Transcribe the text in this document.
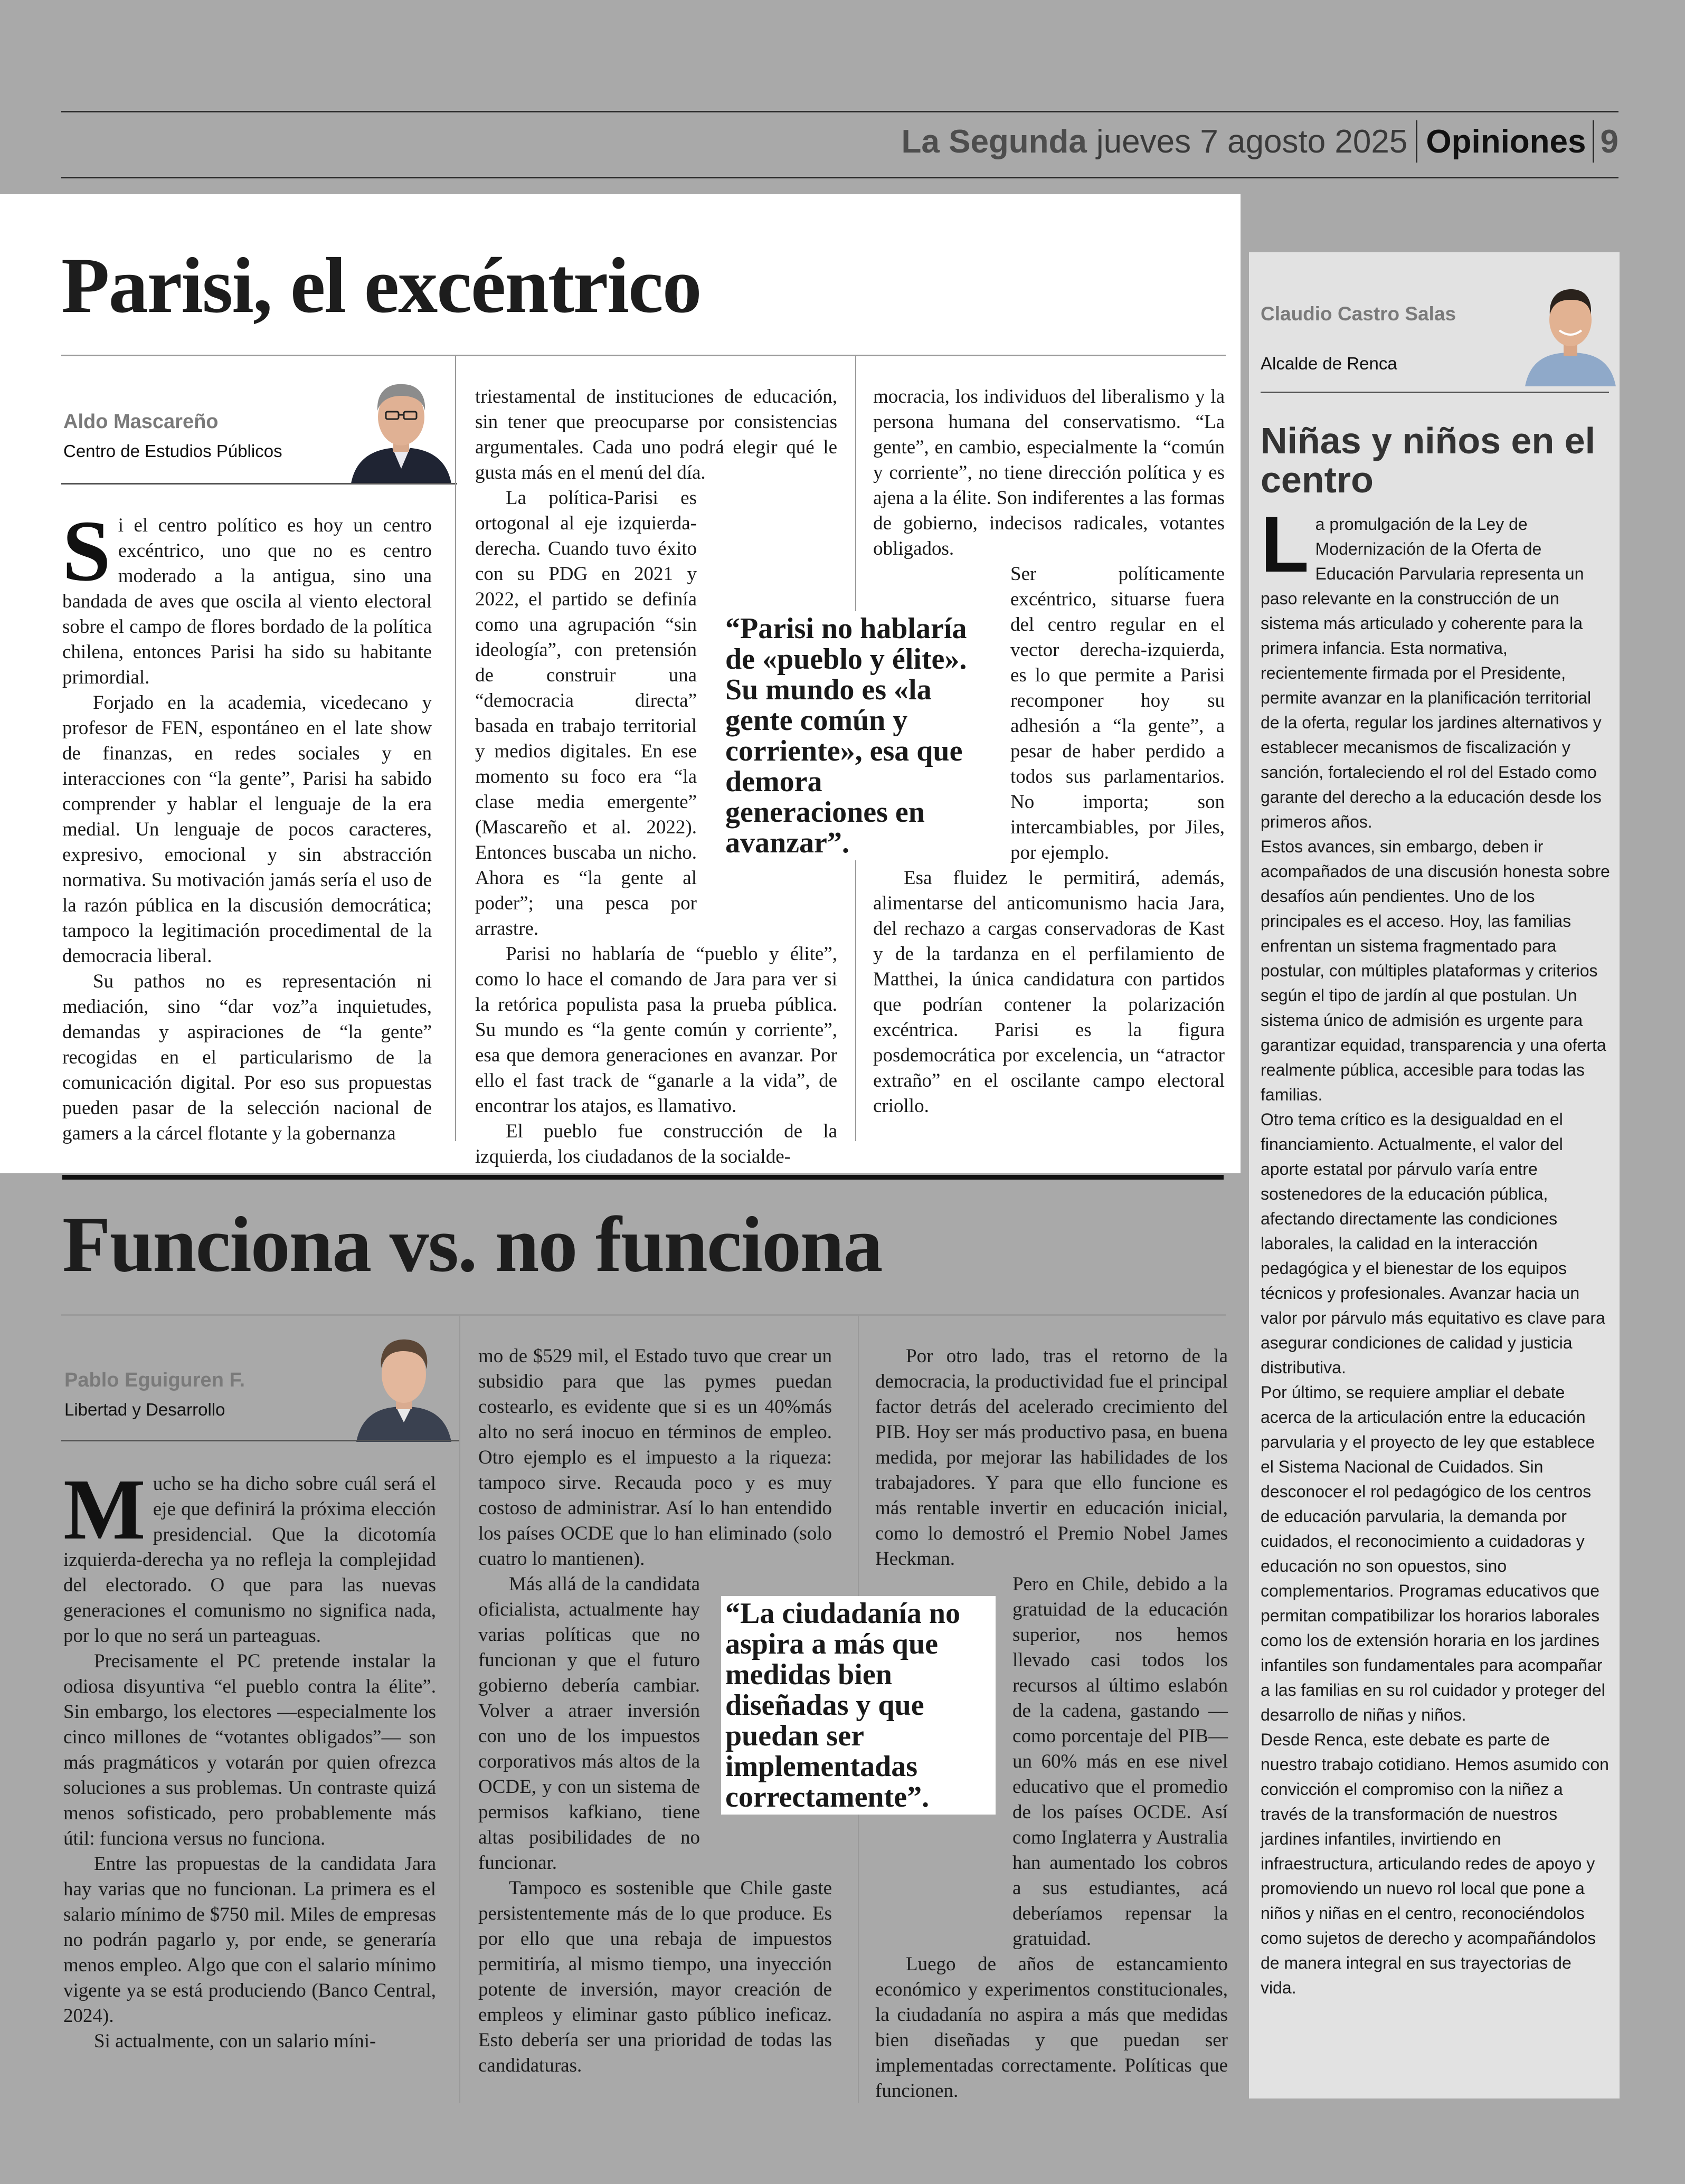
La Segunda jueves 7 agosto 2025 Opiniones 9
Parisi, el excéntrico
Aldo Mascareño
Centro de Estudios Públicos

Si el centro político es hoy un centro excéntrico, uno que no es centro moderado a la antigua, sino una bandada de aves que oscila al viento electoral sobre el campo de flores bordado de la política chilena, entonces Parisi ha sido su habitante primordial.

Forjado en la academia, vicedecano y profesor de FEN, espontáneo en el late show de finanzas, en redes sociales y en interacciones con “la gente”, Parisi ha sabido comprender y hablar el lenguaje de la era medial. Un lenguaje de pocos caracteres, expresivo, emocional y sin abstracción normativa. Su motivación jamás sería el uso de la razón pública en la discusión democrática; tampoco la legitimación procedimental de la democracia liberal.

Su pathos no es representación ni mediación, sino “dar voz”a inquietudes, demandas y aspiraciones de “la gente” recogidas en el particularismo de la comunicación digital. Por eso sus propuestas pueden pasar de la selección nacional de gamers a la cárcel flotante y la gobernanza

triestamental de instituciones de educación, sin tener que preocuparse por consistencias argumentales. Cada uno podrá elegir qué le gusta más en el menú del día.

La política-Parisi es ortogonal al eje izquierda-derecha. Cuando tuvo éxito con su PDG en 2021 y 2022, el partido se definía como una agrupación “sin ideología”, con pretensión de construir una “democracia directa” basada en trabajo territorial y medios digitales. En ese momento su foco era “la clase media emergente” (Mascareño et al. 2022). Entonces buscaba un nicho. Ahora es “la gente al poder”; una pesca por arrastre.

Parisi no hablaría de “pueblo y élite”, como lo hace el comando de Jara para ver si la retórica populista pasa la prueba pública. Su mundo es “la gente común y corriente”, esa que demora generaciones en avanzar. Por ello el fast track de “ganarle a la vida”, de encontrar los atajos, es llamativo.

El pueblo fue construcción de la izquierda, los ciudadanos de la socialde-

mocracia, los individuos del liberalismo y la persona humana del conservatismo. “La gente”, en cambio, especialmente la “común y corriente”, no tiene dirección política y es ajena a la élite. Son indiferentes a las formas de gobierno, indecisos radicales, votantes obligados.

Ser políticamente excéntrico, situarse fuera del centro regular en el vector derecha-izquierda, es lo que permite a Parisi recomponer hoy su adhesión a “la gente”, a pesar de haber perdido a todos sus parlamentarios. No importa; son intercambiables, por Jiles, por ejemplo.

Esa fluidez le permitirá, además, alimentarse del anticomunismo hacia Jara, del rechazo a cargas conservadoras de Kast y de la tardanza en el perfilamiento de Matthei, la única candidatura con partidos que podrían contener la polarización excéntrica. Parisi es la figura posdemocrática por excelencia, un “atractor extraño” en el oscilante campo electoral criollo.

“Parisi no hablaría de «pueblo y élite». Su mundo es «la gente común y corriente», esa que demora generaciones en avanzar”.
Funciona vs. no funciona
Pablo Eguiguren F.
Libertad y Desarrollo

Mucho se ha dicho sobre cuál será el eje que definirá la próxima elección presidencial. Que la dicotomía izquierda-derecha ya no refleja la complejidad del electorado. O que para las nuevas generaciones el comunismo no significa nada, por lo que no será un parteaguas.

Precisamente el PC pretende instalar la odiosa disyuntiva “el pueblo contra la élite”. Sin embargo, los electores —especialmente los cinco millones de “votantes obligados”— son más pragmáticos y votarán por quien ofrezca soluciones a sus problemas. Un contraste quizá menos sofisticado, pero probablemente más útil: funciona versus no funciona.

Entre las propuestas de la candidata Jara hay varias que no funcionan. La primera es el salario mínimo de $750 mil. Miles de empresas no podrán pagarlo y, por ende, se generaría menos empleo. Algo que con el salario mínimo vigente ya se está produciendo (Banco Central, 2024).

Si actualmente, con un salario míni-

mo de $529 mil, el Estado tuvo que crear un subsidio para que las pymes puedan costearlo, es evidente que si es un 40%más alto no será inocuo en términos de empleo. Otro ejemplo es el impuesto a la riqueza: tampoco sirve. Recauda poco y es muy costoso de administrar. Así lo han entendido los países OCDE que lo han eliminado (solo cuatro lo mantienen).

Más allá de la candidata oficialista, actualmente hay varias políticas que no funcionan y que el futuro gobierno debería cambiar. Volver a atraer inversión con uno de los impuestos corporativos más altos de la OCDE, y con un sistema de permisos kafkiano, tiene altas posibilidades de no funcionar.

Tampoco es sostenible que Chile gaste persistentemente más de lo que produce. Es por ello que una rebaja de impuestos permitiría, al mismo tiempo, una inyección potente de inversión, mayor creación de empleos y eliminar gasto público ineficaz. Esto debería ser una prioridad de todas las candidaturas.

Por otro lado, tras el retorno de la democracia, la productividad fue el principal factor detrás del acelerado crecimiento del PIB. Hoy ser más productivo pasa, en buena medida, por mejorar las habilidades de los trabajadores. Y para que ello funcione es más rentable invertir en educación inicial, como lo demostró el Premio Nobel James Heckman.

Pero en Chile, debido a la gratuidad de la educación superior, nos hemos llevado casi todos los recursos al último eslabón de la cadena, gastando —como porcentaje del PIB— un 60% más en ese nivel educativo que el promedio de los países OCDE. Así como Inglaterra y Australia han aumentado los cobros a sus estudiantes, acá deberíamos repensar la gratuidad.

Luego de años de estancamiento económico y experimentos constitucionales, la ciudadanía no aspira a más que medidas bien diseñadas y que puedan ser implementadas correctamente. Políticas que funcionen.

“La ciudadanía no aspira a más que medidas bien diseñadas y que puedan ser implementadas correctamente”.
Claudio Castro Salas
Alcalde de Renca
Niñas y niños en el centro
La promulgación de la Ley de Modernización de la Oferta de Educación Parvularia representa un paso relevante en la construcción de un sistema más articulado y coherente para la primera infancia. Esta normativa, recientemente firmada por el Presidente, permite avanzar en la planificación territorial de la oferta, regular los jardines alternativos y establecer mecanismos de fiscalización y sanción, fortaleciendo el rol del Estado como garante del derecho a la educación desde los primeros años.
Estos avances, sin embargo, deben ir acompañados de una discusión honesta sobre desafíos aún pendientes. Uno de los principales es el acceso. Hoy, las familias enfrentan un sistema fragmentado para postular, con múltiples plataformas y criterios según el tipo de jardín al que postulan. Un sistema único de admisión es urgente para garantizar equidad, transparencia y una oferta realmente pública, accesible para todas las familias.
Otro tema crítico es la desigualdad en el financiamiento. Actualmente, el valor del aporte estatal por párvulo varía entre sostenedores de la educación pública, afectando directamente las condiciones laborales, la calidad en la interacción pedagógica y el bienestar de los equipos técnicos y profesionales. Avanzar hacia un valor por párvulo más equitativo es clave para asegurar condiciones de calidad y justicia distributiva.
Por último, se requiere ampliar el debate acerca de la articulación entre la educación parvularia y el proyecto de ley que establece el Sistema Nacional de Cuidados. Sin desconocer el rol pedagógico de los centros de educación parvularia, la demanda por cuidados, el reconocimiento a cuidadoras y educación no son opuestos, sino complementarios. Programas educativos que permitan compatibilizar los horarios laborales como los de extensión horaria en los jardines infantiles son fundamentales para acompañar a las familias en su rol cuidador y proteger del desarrollo de niñas y niños.
Desde Renca, este debate es parte de nuestro trabajo cotidiano. Hemos asumido con convicción el compromiso con la niñez a través de la transformación de nuestros jardines infantiles, invirtiendo en infraestructura, articulando redes de apoyo y promoviendo un nuevo rol local que pone a niños y niñas en el centro, reconociéndolos como sujetos de derecho y acompañándolos de manera integral en sus trayectorias de vida.
